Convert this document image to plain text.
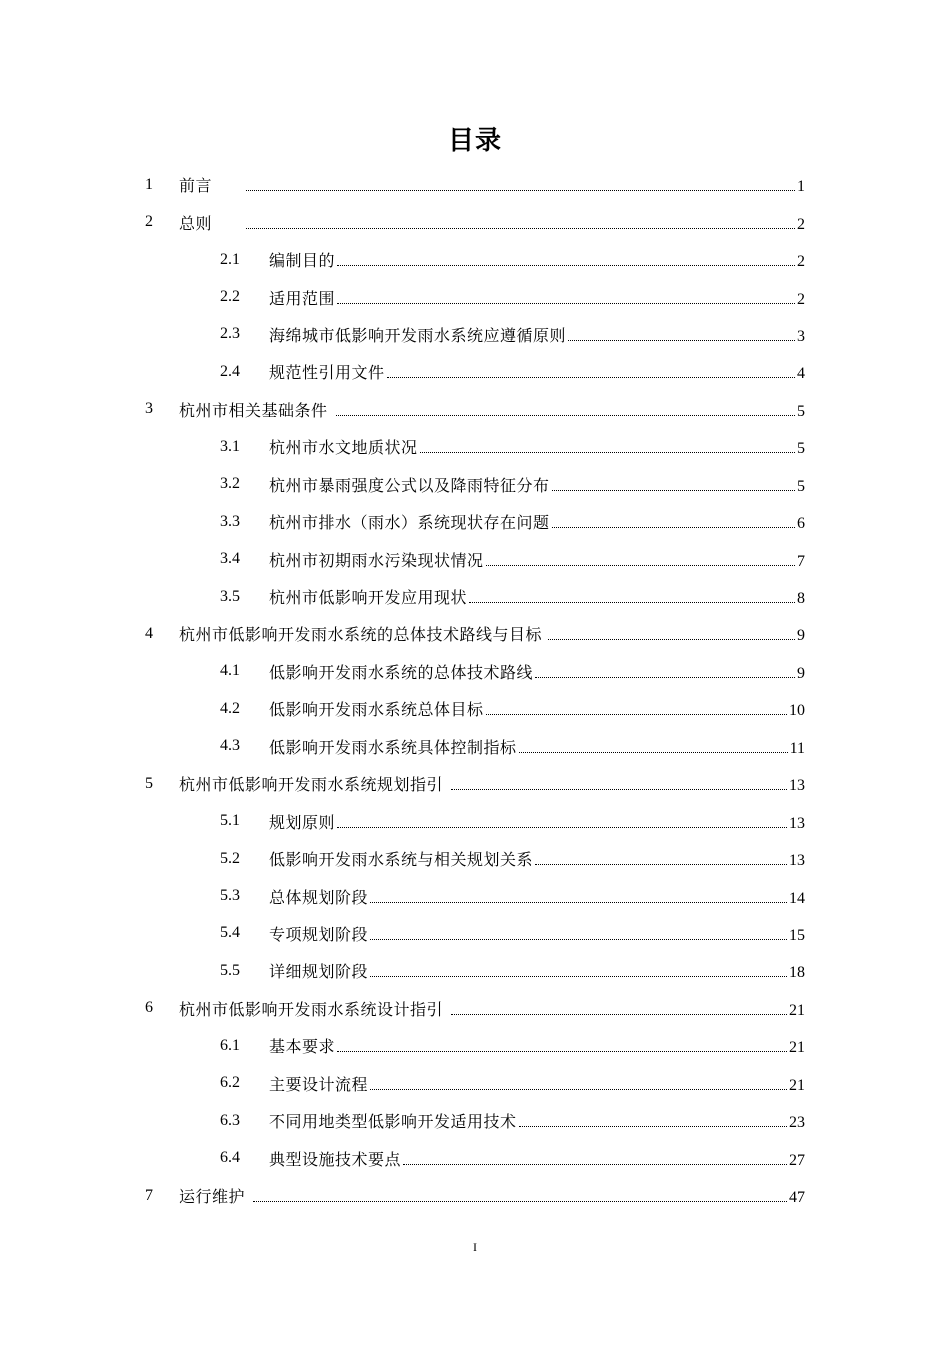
目录
1 前言	1
2 总则	2
2.1 编制目的	2
2.2 适用范围	2
2.3 海绵城市低影响开发雨水系统应遵循原则	3
2.4 规范性引用文件	4
3 杭州市相关基础条件	5
3.1 杭州市水文地质状况	5
3.2 杭州市暴雨强度公式以及降雨特征分布	5
3.3 杭州市排水（雨水）系统现状存在问题	6
3.4 杭州市初期雨水污染现状情况	7
3.5 杭州市低影响开发应用现状	8
4 杭州市低影响开发雨水系统的总体技术路线与目标	9
4.1 低影响开发雨水系统的总体技术路线	9
4.2 低影响开发雨水系统总体目标	10
4.3 低影响开发雨水系统具体控制指标	11
5 杭州市低影响开发雨水系统规划指引	13
5.1 规划原则	13
5.2 低影响开发雨水系统与相关规划关系	13
5.3 总体规划阶段	14
5.4 专项规划阶段	15
5.5 详细规划阶段	18
6 杭州市低影响开发雨水系统设计指引	21
6.1 基本要求	21
6.2 主要设计流程	21
6.3 不同用地类型低影响开发适用技术	23
6.4 典型设施技术要点	27
7 运行维护	47
I
